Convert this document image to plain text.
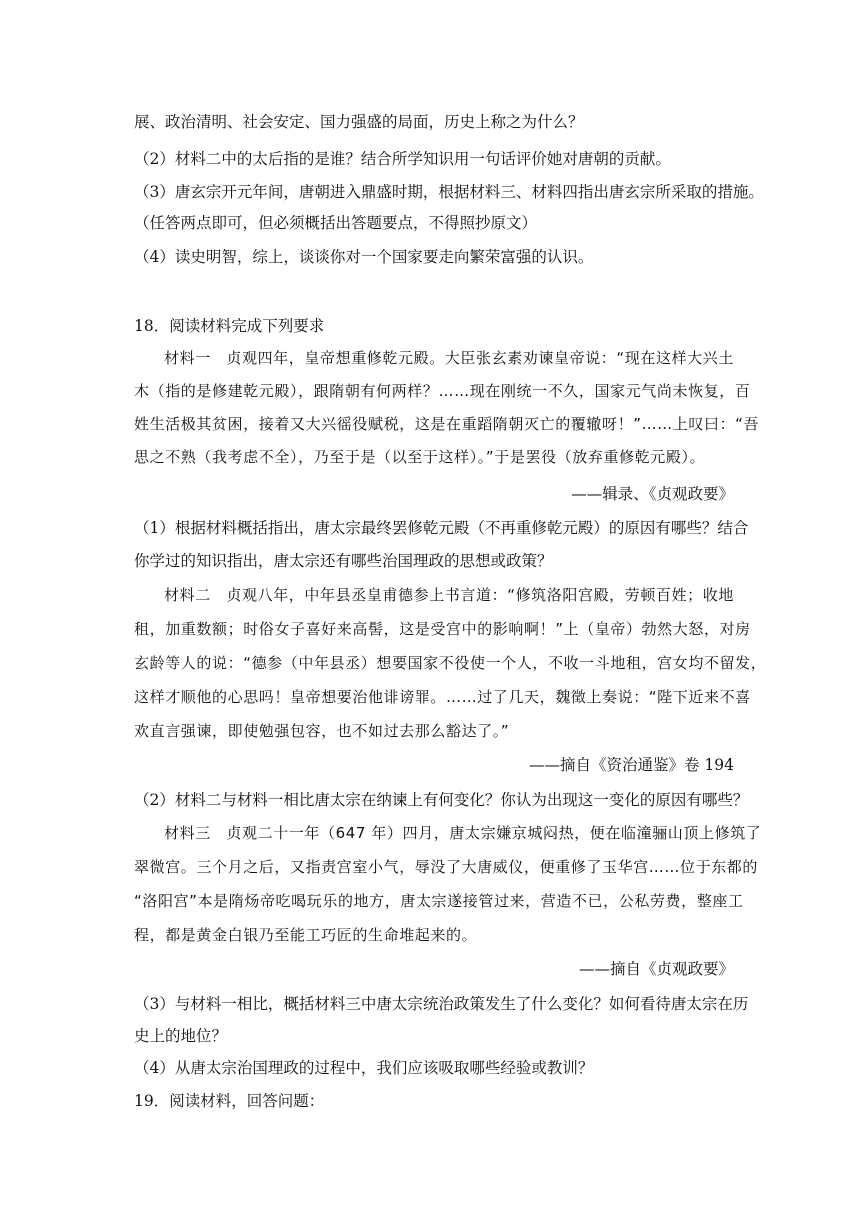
展、政治清明、社会安定、国力强盛的局面，历史上称之为什么？
（2）材料二中的太后指的是谁？结合所学知识用一句话评价她对唐朝的贡献。
（3）唐玄宗开元年间，唐朝进入鼎盛时期，根据材料三、材料四指出唐玄宗所采取的措施。
（任答两点即可，但必须概括出答题要点，不得照抄原文）
（4）读史明智，综上，谈谈你对一个国家要走向繁荣富强的认识。
18．阅读材料完成下列要求
材料一　贞观四年，皇帝想重修乾元殿。大臣张玄素劝谏皇帝说：“现在这样大兴土
木（指的是修建乾元殿），跟隋朝有何两样？……现在刚统一不久，国家元气尚未恢复，百
姓生活极其贫困，接着又大兴徭役赋税，这是在重蹈隋朝灭亡的覆辙呀！”……上叹曰：“吾
思之不熟（我考虑不全），乃至于是（以至于这样）。”于是罢役（放弃重修乾元殿）。
——辑录、《贞观政要》
（1）根据材料概括指出，唐太宗最终罢修乾元殿（不再重修乾元殿）的原因有哪些？结合
你学过的知识指出，唐太宗还有哪些治国理政的思想或政策？
材料二　贞观八年，中年县丞皇甫德参上书言道：“修筑洛阳宫殿，劳顿百姓；收地
租，加重数额；时俗女子喜好来高髻，这是受宫中的影响啊！”上（皇帝）勃然大怒，对房
玄龄等人的说：“德参（中年县丞）想要国家不役使一个人，不收一斗地租，宫女均不留发，
这样才顺他的心思吗！皇帝想要治他诽谤罪。……过了几天，魏徵上奏说：“陛下近来不喜
欢直言强谏，即使勉强包容，也不如过去那么豁达了。”
——摘自《资治通鉴》卷 194
（2）材料二与材料一相比唐太宗在纳谏上有何变化？你认为出现这一变化的原因有哪些？
材料三　贞观二十一年（647 年）四月，唐太宗嫌京城闷热，便在临潼骊山顶上修筑了
翠微宫。三个月之后，又指责宫室小气，辱没了大唐威仪，便重修了玉华宫……位于东都的
“洛阳宫”本是隋炀帝吃喝玩乐的地方，唐太宗遂接管过来，营造不已，公私劳费，整座工
程，都是黄金白银乃至能工巧匠的生命堆起来的。
——摘自《贞观政要》
（3）与材料一相比，概括材料三中唐太宗统治政策发生了什么变化？如何看待唐太宗在历
史上的地位？
（4）从唐太宗治国理政的过程中，我们应该吸取哪些经验或教训？
19．阅读材料，回答问题：
